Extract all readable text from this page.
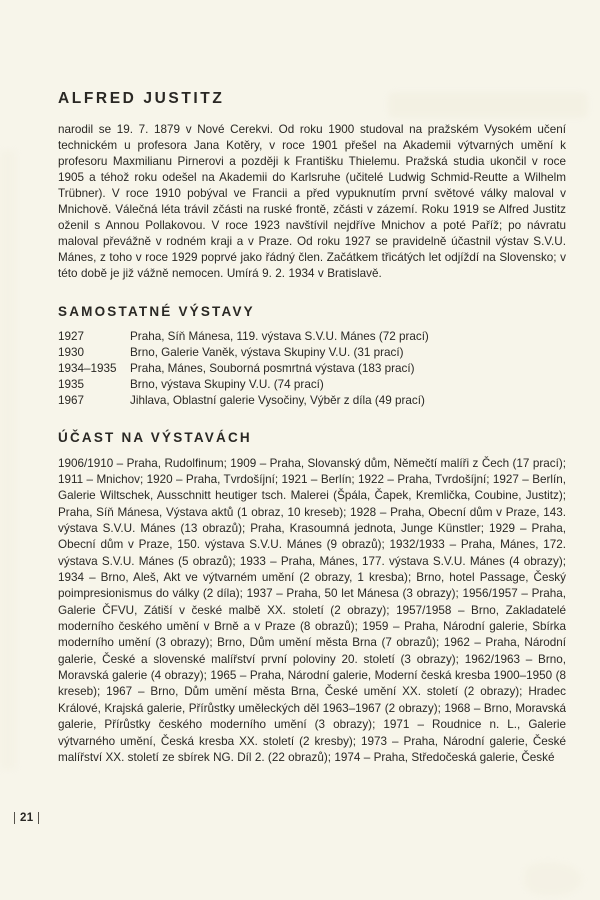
21
ALFRED JUSTITZ

narodil se 19. 7. 1879 v Nové Cerekvi. Od roku 1900 studoval na pražském Vysokém učení technickém u profesora Jana Kotěry, v roce 1901 přešel na Akademii výtvarných umění k profesoru Maxmilianu Pirnerovi a později k Františku Thielemu. Pražská studia ukončil v roce 1905 a téhož roku odešel na Akademii do Karlsruhe (učitelé Ludwig Schmid-Reutte a Wilhelm Trübner). V roce 1910 pobýval ve Francii a před vypuknutím první světové války maloval v Mnichově. Válečná léta trávil zčásti na ruské frontě, zčásti v zázemí. Roku 1919 se Alfred Justitz oženil s Annou Pollakovou. V roce 1923 navštívil nejdříve Mnichov a poté Paříž; po návratu maloval převážně v rodném kraji a v Praze. Od roku 1927 se pravidelně účastnil výstav S.V.U. Mánes, z toho v roce 1929 poprvé jako řádný člen. Začátkem třicátých let odjíždí na Slovensko; v této době je již vážně nemocen. Umírá 9. 2. 1934 v Bratislavě.

SAMOSTATNÉ VÝSTAVY
1927	Praha, Síň Mánesa, 119. výstava S.V.U. Mánes (72 prací)
1930	Brno, Galerie Vaněk, výstava Skupiny V.U. (31 prací)
1934–1935	Praha, Mánes, Souborná posmrtná výstava (183 prací)
1935	Brno, výstava Skupiny V.U. (74 prací)
1967	Jihlava, Oblastní galerie Vysočiny, Výběr z díla (49 prací)
ÚČAST NA VÝSTAVÁCH

1906/1910 – Praha, Rudolfinum; 1909 – Praha, Slovanský dům, Němečtí malíři z Čech (17 prací); 1911 – Mnichov; 1920 – Praha, Tvrdošíjní; 1921 – Berlín; 1922 – Praha, Tvrdošíjní; 1927 – Berlín, Galerie Wiltschek, Ausschnitt heutiger tsch. Malerei (Špála, Čapek, Kremlička, Coubine, Justitz); Praha, Síň Mánesa, Výstava aktů (1 obraz, 10 kreseb); 1928 – Praha, Obecní dům v Praze, 143. výstava S.V.U. Mánes (13 obrazů); Praha, Krasoumná jednota, Junge Künstler; 1929 – Praha, Obecní dům v Praze, 150. výstava S.V.U. Mánes (9 obrazů); 1932/1933 – Praha, Mánes, 172. výstava S.V.U. Mánes (5 obrazů); 1933 – Praha, Mánes, 177. výstava S.V.U. Mánes (4 obrazy); 1934 – Brno, Aleš, Akt ve výtvarném umění (2 obrazy, 1 kresba); Brno, hotel Passage, Český poimpresionismus do války (2 díla); 1937 – Praha, 50 let Mánesa (3 obrazy); 1956/1957 – Praha, Galerie ČFVU, Zátiší v české malbě XX. století (2 obrazy); 1957/1958 – Brno, Zakladatelé moderního českého umění v Brně a v Praze (8 obrazů); 1959 – Praha, Národní galerie, Sbírka moderního umění (3 obrazy); Brno, Dům umění města Brna (7 obrazů); 1962 – Praha, Národní galerie, České a slovenské malířství první poloviny 20. století (3 obrazy); 1962/1963 – Brno, Moravská galerie (4 obrazy); 1965 – Praha, Národní galerie, Moderní česká kresba 1900–1950 (8 kreseb); 1967 – Brno, Dům umění města Brna, České umění XX. století (2 obrazy); Hradec Králové, Krajská galerie, Přírůstky uměleckých děl 1963–1967 (2 obrazy); 1968 – Brno, Moravská galerie, Přírůstky českého moderního umění (3 obrazy); 1971 – Roudnice n. L., Galerie výtvarného umění, Česká kresba XX. století (2 kresby); 1973 – Praha, Národní galerie, České malířství XX. století ze sbírek NG. Díl 2. (22 obrazů); 1974 – Praha, Středočeská galerie, České
